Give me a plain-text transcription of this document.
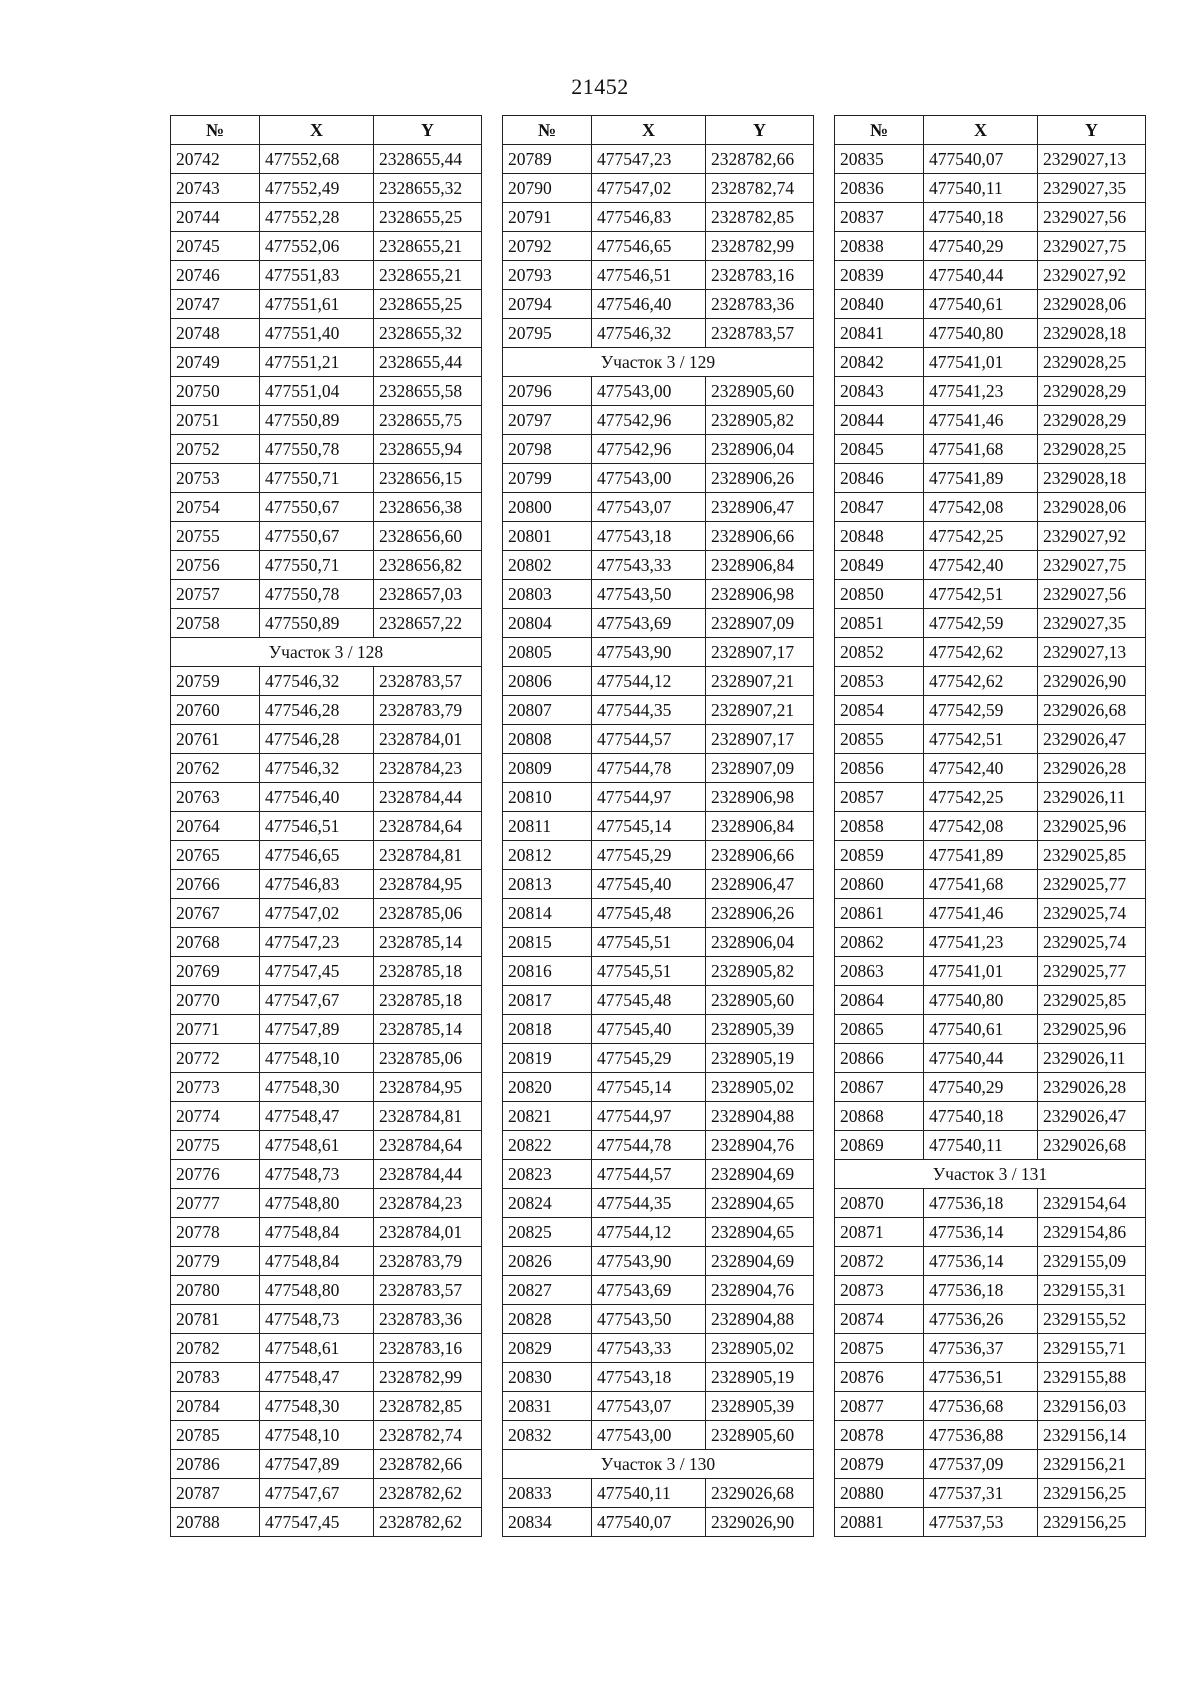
21452
№	X	Y
20742	477552,68	2328655,44
20743	477552,49	2328655,32
20744	477552,28	2328655,25
20745	477552,06	2328655,21
20746	477551,83	2328655,21
20747	477551,61	2328655,25
20748	477551,40	2328655,32
20749	477551,21	2328655,44
20750	477551,04	2328655,58
20751	477550,89	2328655,75
20752	477550,78	2328655,94
20753	477550,71	2328656,15
20754	477550,67	2328656,38
20755	477550,67	2328656,60
20756	477550,71	2328656,82
20757	477550,78	2328657,03
20758	477550,89	2328657,22
Участок 3 / 128		
20759	477546,32	2328783,57
20760	477546,28	2328783,79
20761	477546,28	2328784,01
20762	477546,32	2328784,23
20763	477546,40	2328784,44
20764	477546,51	2328784,64
20765	477546,65	2328784,81
20766	477546,83	2328784,95
20767	477547,02	2328785,06
20768	477547,23	2328785,14
20769	477547,45	2328785,18
20770	477547,67	2328785,18
20771	477547,89	2328785,14
20772	477548,10	2328785,06
20773	477548,30	2328784,95
20774	477548,47	2328784,81
20775	477548,61	2328784,64
20776	477548,73	2328784,44
20777	477548,80	2328784,23
20778	477548,84	2328784,01
20779	477548,84	2328783,79
20780	477548,80	2328783,57
20781	477548,73	2328783,36
20782	477548,61	2328783,16
20783	477548,47	2328782,99
20784	477548,30	2328782,85
20785	477548,10	2328782,74
20786	477547,89	2328782,66
20787	477547,67	2328782,62
20788	477547,45	2328782,62
№	X	Y
20789	477547,23	2328782,66
20790	477547,02	2328782,74
20791	477546,83	2328782,85
20792	477546,65	2328782,99
20793	477546,51	2328783,16
20794	477546,40	2328783,36
20795	477546,32	2328783,57
Участок 3 / 129		
20796	477543,00	2328905,60
20797	477542,96	2328905,82
20798	477542,96	2328906,04
20799	477543,00	2328906,26
20800	477543,07	2328906,47
20801	477543,18	2328906,66
20802	477543,33	2328906,84
20803	477543,50	2328906,98
20804	477543,69	2328907,09
20805	477543,90	2328907,17
20806	477544,12	2328907,21
20807	477544,35	2328907,21
20808	477544,57	2328907,17
20809	477544,78	2328907,09
20810	477544,97	2328906,98
20811	477545,14	2328906,84
20812	477545,29	2328906,66
20813	477545,40	2328906,47
20814	477545,48	2328906,26
20815	477545,51	2328906,04
20816	477545,51	2328905,82
20817	477545,48	2328905,60
20818	477545,40	2328905,39
20819	477545,29	2328905,19
20820	477545,14	2328905,02
20821	477544,97	2328904,88
20822	477544,78	2328904,76
20823	477544,57	2328904,69
20824	477544,35	2328904,65
20825	477544,12	2328904,65
20826	477543,90	2328904,69
20827	477543,69	2328904,76
20828	477543,50	2328904,88
20829	477543,33	2328905,02
20830	477543,18	2328905,19
20831	477543,07	2328905,39
20832	477543,00	2328905,60
Участок 3 / 130		
20833	477540,11	2329026,68
20834	477540,07	2329026,90
№	X	Y
20835	477540,07	2329027,13
20836	477540,11	2329027,35
20837	477540,18	2329027,56
20838	477540,29	2329027,75
20839	477540,44	2329027,92
20840	477540,61	2329028,06
20841	477540,80	2329028,18
20842	477541,01	2329028,25
20843	477541,23	2329028,29
20844	477541,46	2329028,29
20845	477541,68	2329028,25
20846	477541,89	2329028,18
20847	477542,08	2329028,06
20848	477542,25	2329027,92
20849	477542,40	2329027,75
20850	477542,51	2329027,56
20851	477542,59	2329027,35
20852	477542,62	2329027,13
20853	477542,62	2329026,90
20854	477542,59	2329026,68
20855	477542,51	2329026,47
20856	477542,40	2329026,28
20857	477542,25	2329026,11
20858	477542,08	2329025,96
20859	477541,89	2329025,85
20860	477541,68	2329025,77
20861	477541,46	2329025,74
20862	477541,23	2329025,74
20863	477541,01	2329025,77
20864	477540,80	2329025,85
20865	477540,61	2329025,96
20866	477540,44	2329026,11
20867	477540,29	2329026,28
20868	477540,18	2329026,47
20869	477540,11	2329026,68
Участок 3 / 131		
20870	477536,18	2329154,64
20871	477536,14	2329154,86
20872	477536,14	2329155,09
20873	477536,18	2329155,31
20874	477536,26	2329155,52
20875	477536,37	2329155,71
20876	477536,51	2329155,88
20877	477536,68	2329156,03
20878	477536,88	2329156,14
20879	477537,09	2329156,21
20880	477537,31	2329156,25
20881	477537,53	2329156,25
